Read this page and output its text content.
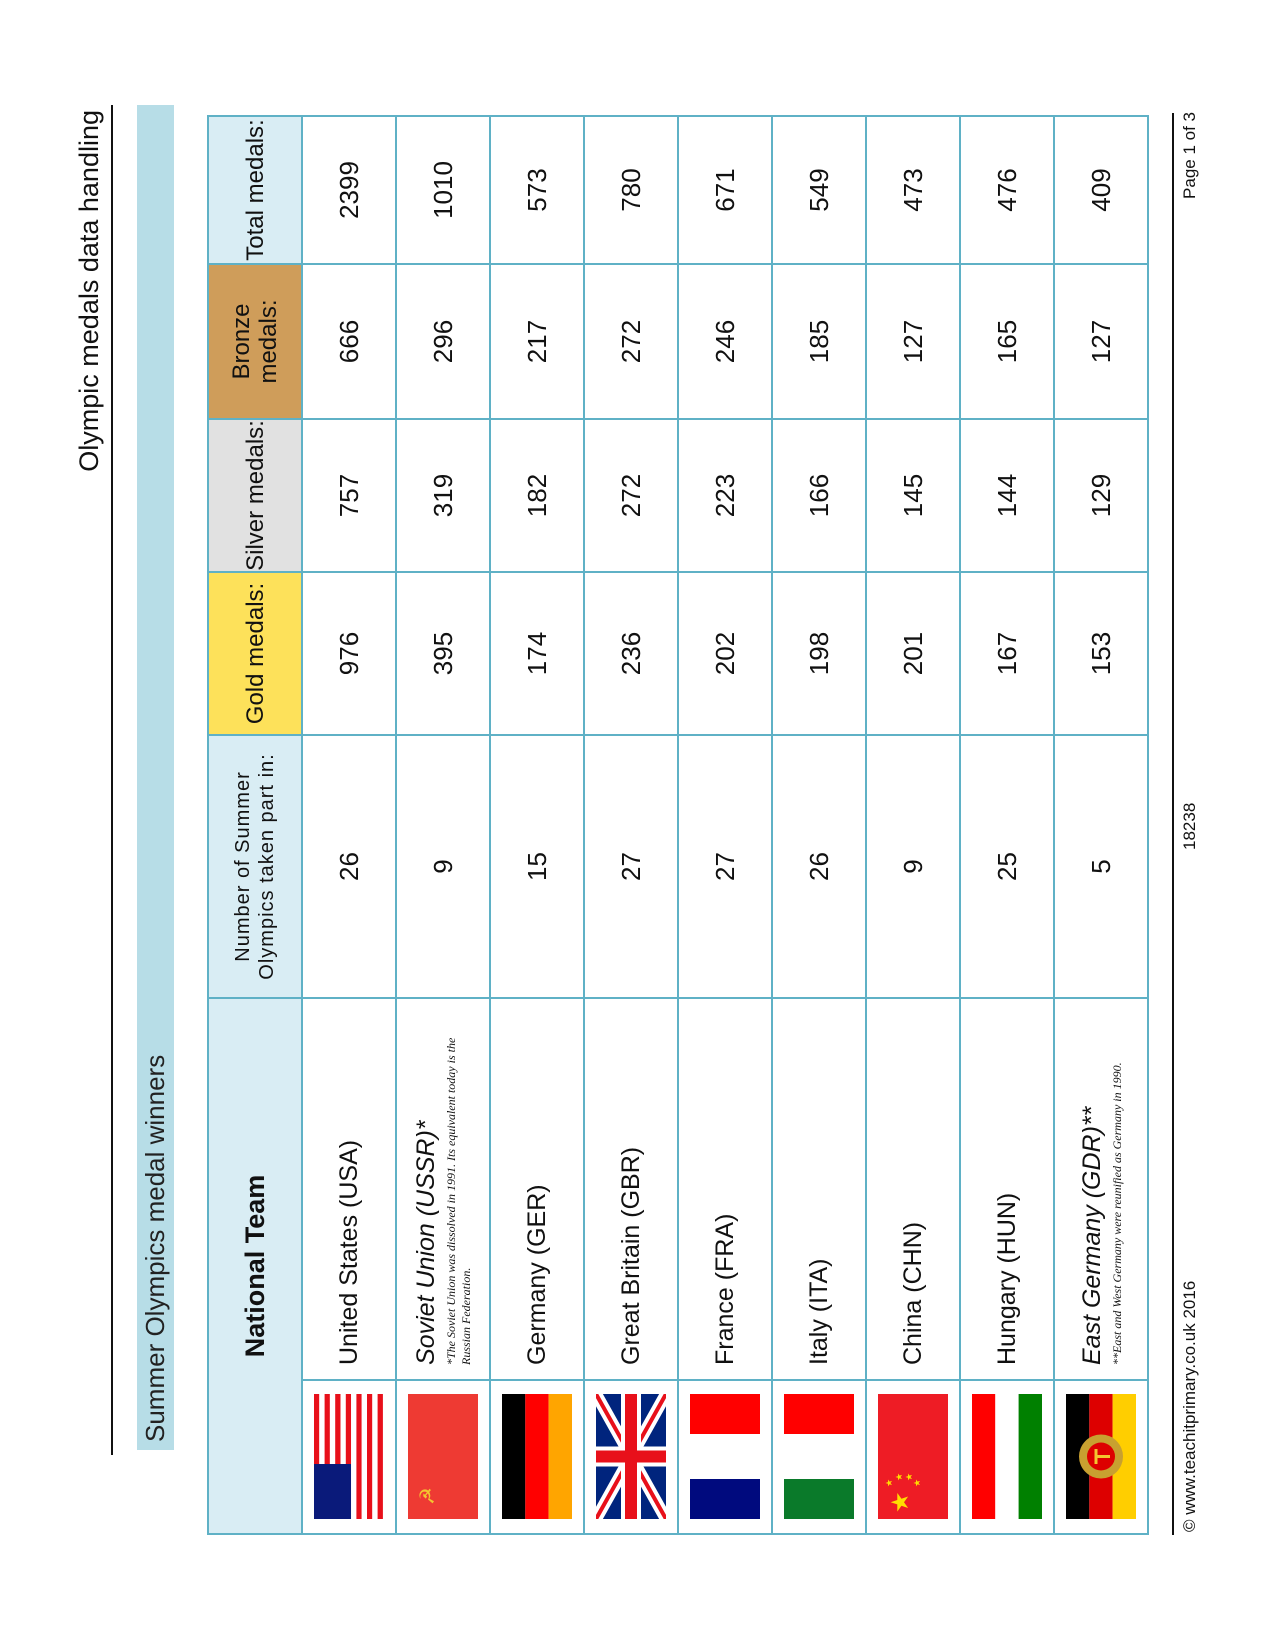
Olympic medals data handling
Summer Olympics medal winners	National Team		Number of Summer Olympics taken part in:	Gold medals:	Silver medals:	Bronze medals:	Total medals:

	United States (USA)	26	976	757	666	2399

☭	Soviet Union (USSR)* *The Soviet Union was dissolved in 1991. Its equivalent today is the Russian Federation.	9	395	319	296	1010

	Germany (GER)	15	174	182	217	573

	Great Britain (GBR)	27	236	272	272	780

	France (FRA)	27	202	223	246	671

	Italy (ITA)	26	198	166	185	549

★
★
★ ★
★	China (CHN)	9	201	145	127	473

	Hungary (HUN)	25	167	144	165	476

	East Germany (GDR)** **East and West Germany were reunified as Germany in 1990.	5	153	129	127	409
© www.teachitprimary.co.uk 2016
18238
Page 1 of 3
